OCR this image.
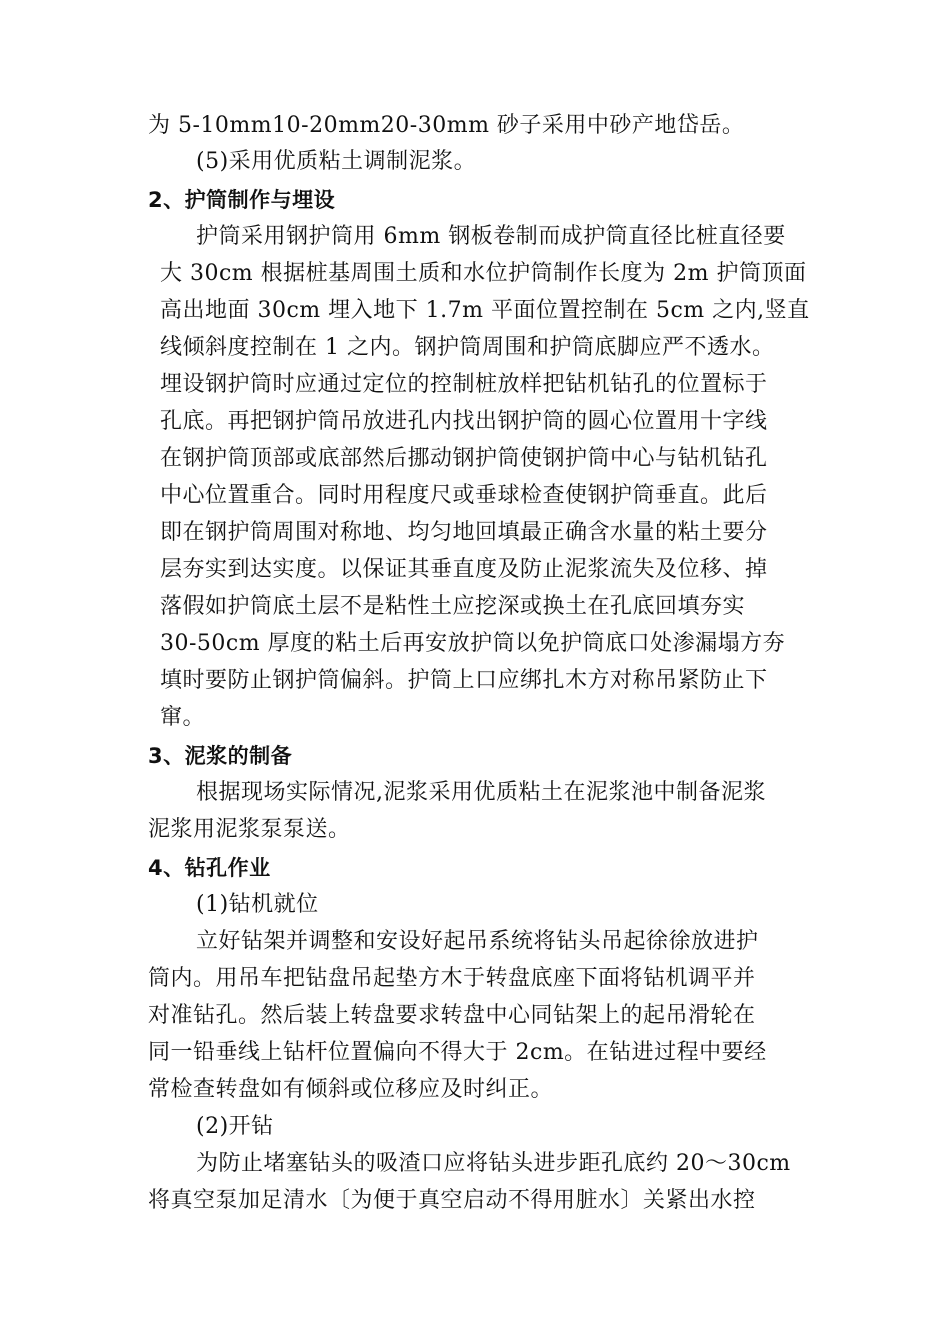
为 5-10mm10-20mm20-30mm 砂子采用中砂产地岱岳。
(5)采用优质粘土调制泥浆。
2、护筒制作与埋设
护筒采用钢护筒用 6mm 钢板卷制而成护筒直径比桩直径要
大 30cm 根据桩基周围土质和水位护筒制作长度为 2m 护筒顶面
高出地面 30cm 埋入地下 1.7m 平面位置控制在 5cm 之内,竖直
线倾斜度控制在 1 之内。钢护筒周围和护筒底脚应严不透水。
埋设钢护筒时应通过定位的控制桩放样把钻机钻孔的位置标于
孔底。再把钢护筒吊放进孔内找出钢护筒的圆心位置用十字线
在钢护筒顶部或底部然后挪动钢护筒使钢护筒中心与钻机钻孔
中心位置重合。同时用程度尺或垂球检查使钢护筒垂直。此后
即在钢护筒周围对称地、均匀地回填最正确含水量的粘土要分
层夯实到达实度。以保证其垂直度及防止泥浆流失及位移、掉
落假如护筒底土层不是粘性土应挖深或换土在孔底回填夯实
30-50cm 厚度的粘土后再安放护筒以免护筒底口处渗漏塌方夯
填时要防止钢护筒偏斜。护筒上口应绑扎木方对称吊紧防止下
窜。
3、泥浆的制备
根据现场实际情况,泥浆采用优质粘土在泥浆池中制备泥浆
泥浆用泥浆泵泵送。
4、钻孔作业
(1)钻机就位
立好钻架并调整和安设好起吊系统将钻头吊起徐徐放进护
筒内。用吊车把钻盘吊起垫方木于转盘底座下面将钻机调平并
对准钻孔。然后装上转盘要求转盘中心同钻架上的起吊滑轮在
同一铅垂线上钻杆位置偏向不得大于 2cm。在钻进过程中要经
常检查转盘如有倾斜或位移应及时纠正。
(2)开钻
为防止堵塞钻头的吸渣口应将钻头进步距孔底约 20～30cm
将真空泵加足清水〔为便于真空启动不得用脏水〕关紧出水控
